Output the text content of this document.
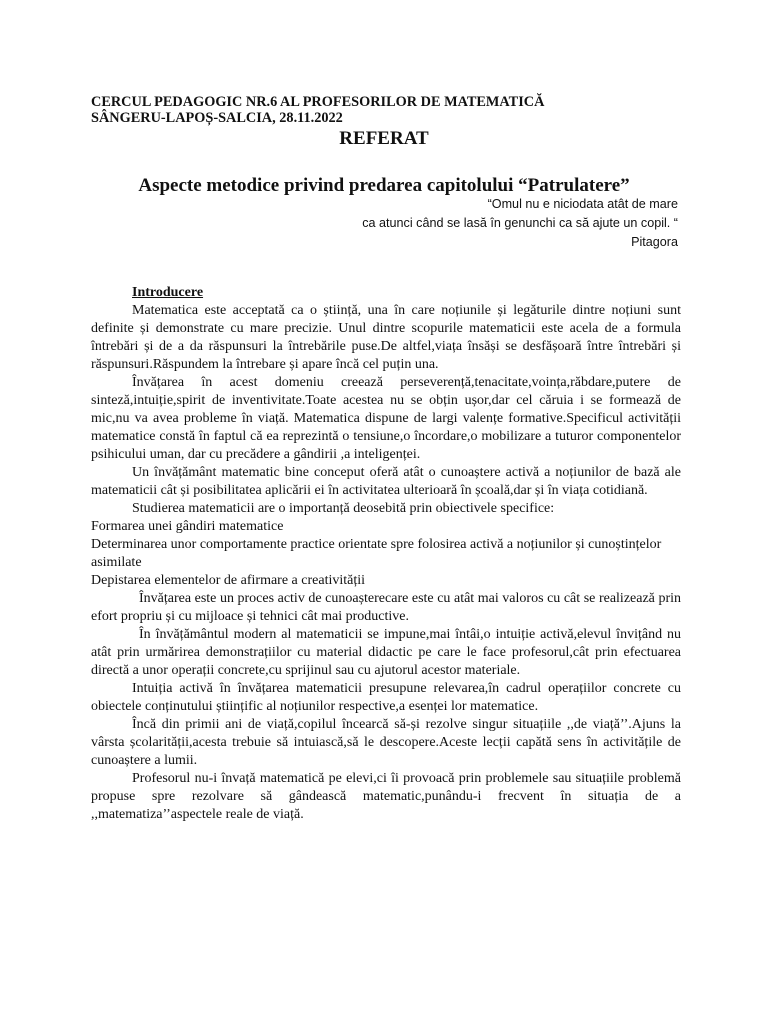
CERCUL PEDAGOGIC NR.6 AL PROFESORILOR DE MATEMATICĂ
SÂNGERU-LAPOȘ-SALCIA, 28.11.2022
REFERAT
Aspecte metodice privind predarea capitolului “Patrulatere”
“Omul nu e niciodata atât de mare
ca atunci când se lasă în genunchi ca să ajute un copil. “
Pitagora
Introducere

Matematica este acceptată ca o știință, una în care noțiunile și legăturile dintre noțiuni sunt definite și demonstrate cu mare precizie. Unul dintre scopurile matematicii este acela de a formula întrebări și de a da răspunsuri la întrebările puse.De altfel,viața însăși se desfășoară între întrebări și răspunsuri.Răspundem la întrebare și apare încă cel puțin una.

Învățarea în acest domeniu creează perseverență,tenacitate,voința,răbdare,putere de sinteză,intuiție,spirit de inventivitate.Toate acestea nu se obțin ușor,dar cel căruia i se formează de mic,nu va avea probleme în viață. Matematica dispune de largi valențe formative.Specificul activității matematice constă în faptul că ea reprezintă o tensiune,o încordare,o mobilizare a tuturor componentelor psihicului uman, dar cu precădere a gândirii ,a inteligenței.

Un învățământ matematic bine conceput oferă atât o cunoaștere activă a noțiunilor de bază ale matematicii cât și posibilitatea aplicării ei în activitatea ulterioară în școală,dar și în viața cotidiană.

Studierea matematicii are o importanță deosebită prin obiectivele specifice:

Formarea unei gândiri matematice

Determinarea unor comportamente practice orientate spre folosirea activă a noțiunilor și cunoștințelor asimilate

Depistarea elementelor de afirmare a creativității

Învățarea este un proces activ de cunoașterecare este cu atât mai valoros cu cât se realizează prin efort propriu și cu mijloace și tehnici cât mai productive.

În învățământul modern al matematicii se impune,mai întâi,o intuiție activă,elevul învițând nu atât prin urmărirea demonstrațiilor cu material didactic pe care le face profesorul,cât prin efectuarea directă a unor operații concrete,cu sprijinul sau cu ajutorul acestor materiale.

Intuiția activă în învățarea matematicii presupune relevarea,în cadrul operațiilor concrete cu obiectele conținutului științific al noțiunilor respective,a esenței lor matematice.

Încă din primii ani de viață,copilul încearcă să-și rezolve singur situațiile ,,de viață’’.Ajuns la vârsta școlarității,acesta trebuie să intuiască,să le descopere.Aceste lecții capătă sens în activitățile de cunoaștere a lumii.

Profesorul nu-i învață matematică pe elevi,ci îi provoacă prin problemele sau situațiile problemă propuse spre rezolvare să gândească matematic,punându-i frecvent în situația de a ,,matematiza’’aspectele reale de viață.
